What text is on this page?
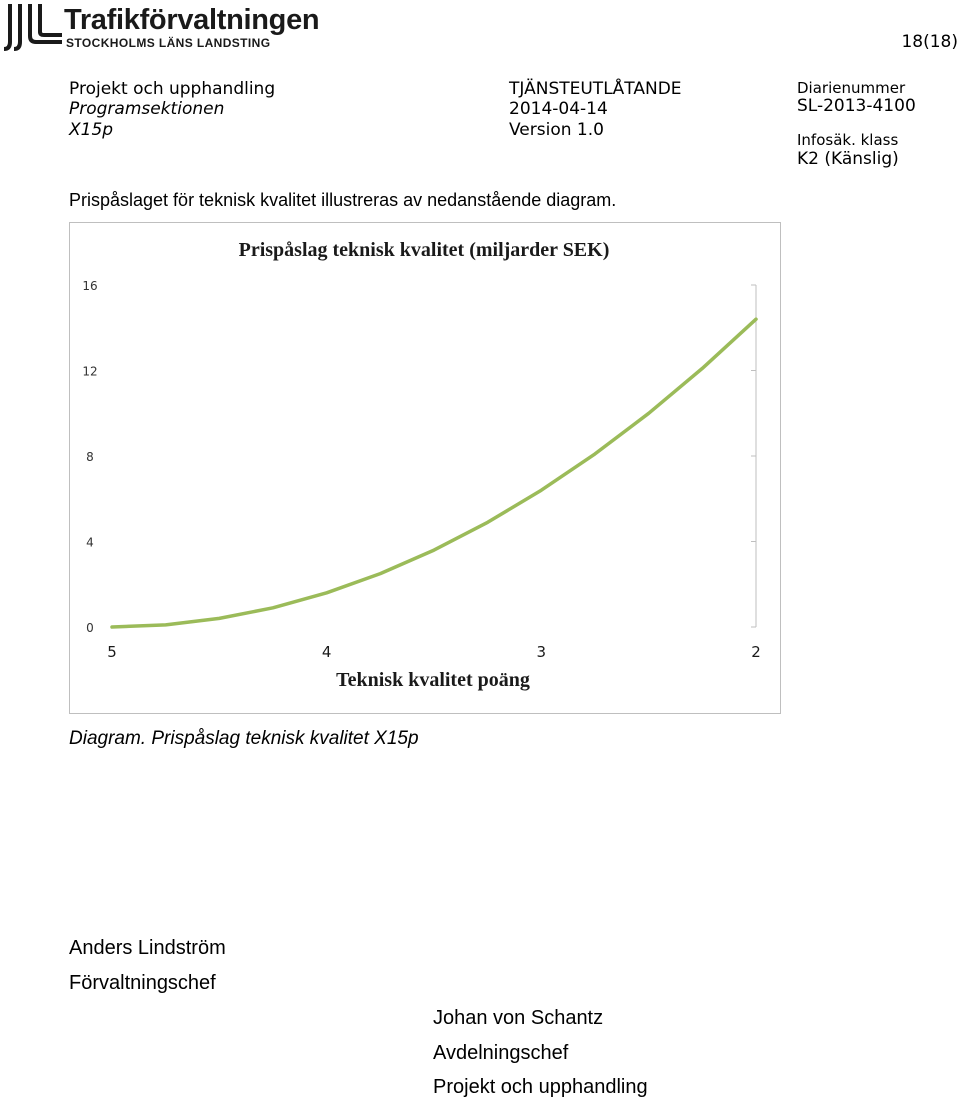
Trafikförvaltningen
STOCKHOLMS LÄNS LANDSTING	18(18)
Projekt och upphandling
Programsektionen
X15p
TJÄNSTEUTLÅTANDE
2014-04-14
Version 1.0
Diarienummer
SL-2013-4100
Infosäk. klass
K2 (Känslig)
Prispåslaget för teknisk kvalitet illustreras av nedanstående diagram.
Prispåslag teknisk kvalitet (miljarder SEK)
Teknisk kvalitet poäng
16
12
8
4
0
5	4	3	2
Diagram. Prispåslag teknisk kvalitet X15p
Anders Lindström
Förvaltningschef
Johan von Schantz
Avdelningschef
Projekt och upphandling
